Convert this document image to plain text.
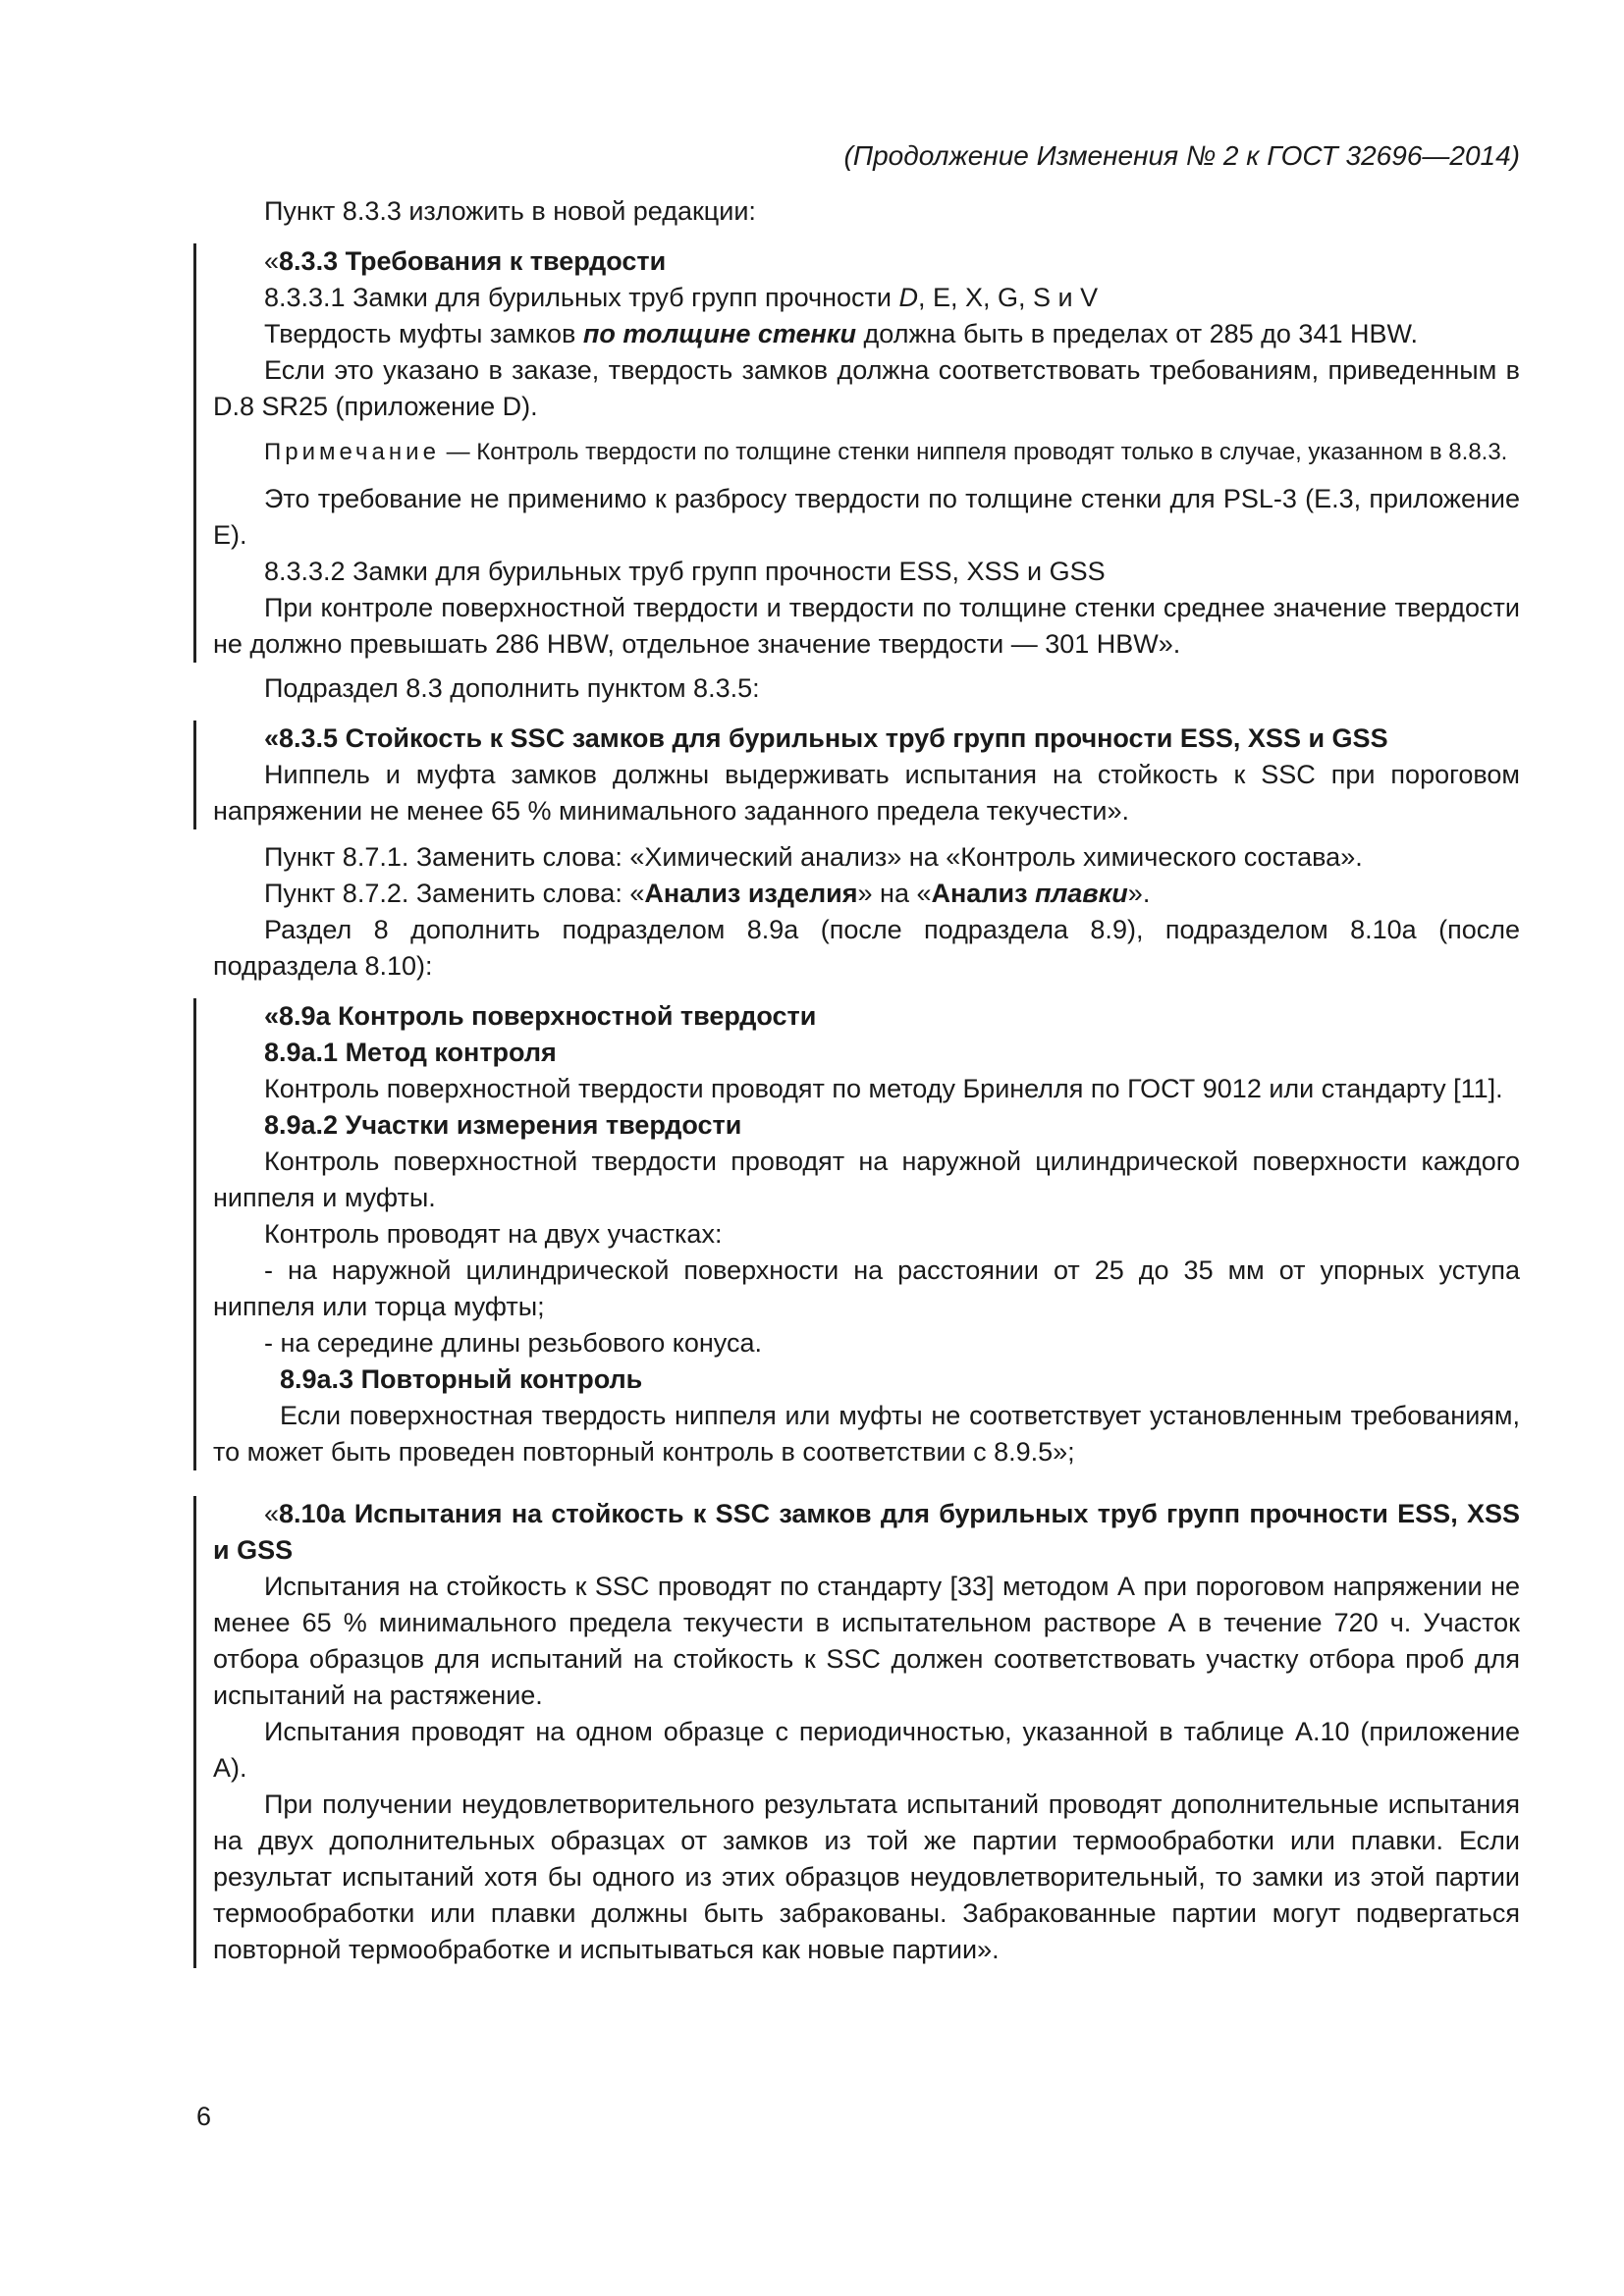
(Продолжение Изменения № 2 к ГОСТ 32696—2014)

Пункт 8.3.3 изложить в новой редакции:

«8.3.3 Требования к твердости

8.3.3.1 Замки для бурильных труб групп прочности D, E, X, G, S и V

Твердость муфты замков по толщине стенки должна быть в пределах от 285 до 341 HBW.

Если это указано в заказе, твердость замков должна соответствовать требованиям, приведенным в D.8 SR25 (приложение D).

Примечание — Контроль твердости по толщине стенки ниппеля проводят только в случае, указанном в 8.8.3.

Это требование не применимо к разбросу твердости по толщине стенки для PSL-3 (E.3, приложение E).

8.3.3.2 Замки для бурильных труб групп прочности ESS, XSS и GSS

При контроле поверхностной твердости и твердости по толщине стенки среднее значение твердости не должно превышать 286 HBW, отдельное значение твердости — 301 HBW».

Подраздел 8.3 дополнить пунктом 8.3.5:

«8.3.5 Стойкость к SSC замков для бурильных труб групп прочности ESS, XSS и GSS

Ниппель и муфта замков должны выдерживать испытания на стойкость к SSC при пороговом напряжении не менее 65 % минимального заданного предела текучести».

Пункт 8.7.1. Заменить слова: «Химический анализ» на «Контроль химического состава».

Пункт 8.7.2. Заменить слова: «Анализ изделия» на «Анализ плавки».

Раздел 8 дополнить подразделом 8.9а (после подраздела 8.9), подразделом 8.10а (после подраздела 8.10):

«8.9а Контроль поверхностной твердости

8.9а.1 Метод контроля

Контроль поверхностной твердости проводят по методу Бринелля по ГОСТ 9012 или стандарту [11].

8.9а.2 Участки измерения твердости

Контроль поверхностной твердости проводят на наружной цилиндрической поверхности каждого ниппеля и муфты.

Контроль проводят на двух участках:

- на наружной цилиндрической поверхности на расстоянии от 25 до 35 мм от упорных уступа ниппеля или торца муфты;

- на середине длины резьбового конуса.

8.9а.3 Повторный контроль

Если поверхностная твердость ниппеля или муфты не соответствует установленным требованиям, то может быть проведен повторный контроль в соответствии с 8.9.5»;

«8.10а Испытания на стойкость к SSC замков для бурильных труб групп прочности ESS, XSS и GSS

Испытания на стойкость к SSC проводят по стандарту [33] методом А при пороговом напряжении не менее 65 % минимального предела текучести в испытательном растворе А в течение 720 ч. Участок отбора образцов для испытаний на стойкость к SSC должен соответствовать участку отбора проб для испытаний на растяжение.

Испытания проводят на одном образце с периодичностью, указанной в таблице А.10 (приложение А).

При получении неудовлетворительного результата испытаний проводят дополнительные испытания на двух дополнительных образцах от замков из той же партии термообработки или плавки. Если результат испытаний хотя бы одного из этих образцов неудовлетворительный, то замки из этой партии термообработки или плавки должны быть забракованы. Забракованные партии могут подвергаться повторной термообработке и испытываться как новые партии».

6
